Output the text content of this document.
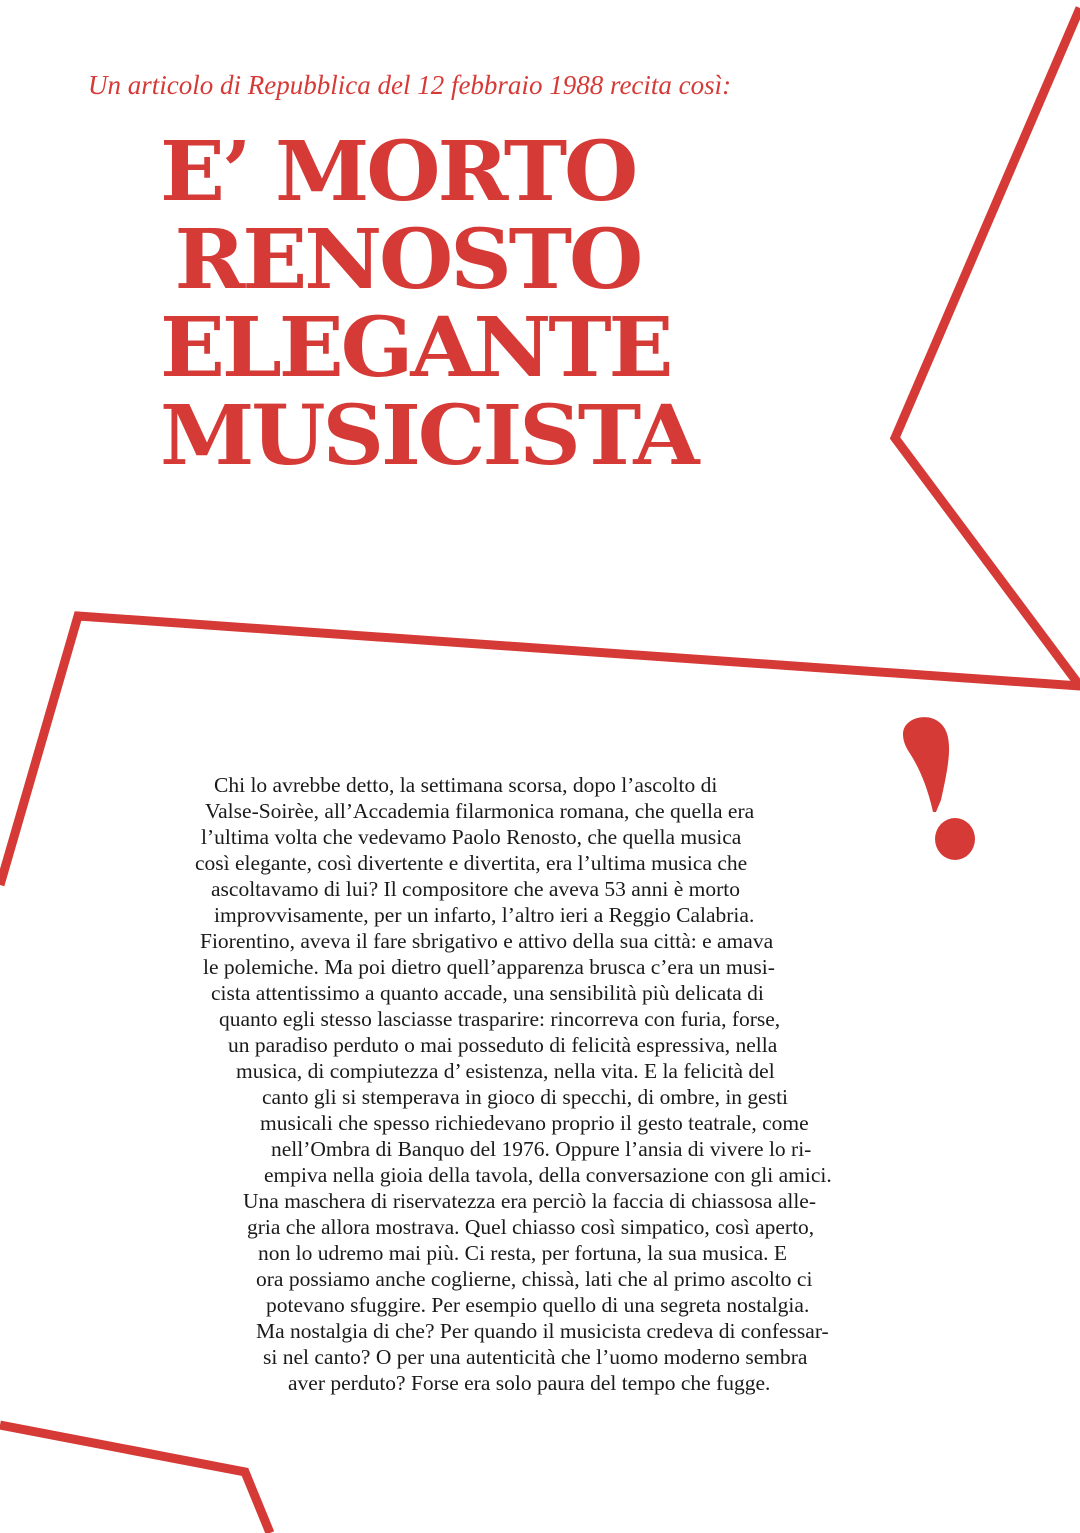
Un articolo di Repubblica del 12 febbraio 1988 recita così:
E’ MORTO
RENOSTO
ELEGANTE
MUSICISTA
Chi lo avrebbe detto, la settimana scorsa, dopo l’ascolto di
Valse-Soirèe, all’Accademia filarmonica romana, che quella era
l’ultima volta che vedevamo Paolo Renosto, che quella musica
così elegante, così divertente e divertita, era l’ultima musica che
ascoltavamo di lui? Il compositore che aveva 53 anni è morto
improvvisamente, per un infarto, l’altro ieri a Reggio Calabria.
Fiorentino, aveva il fare sbrigativo e attivo della sua città: e amava
le polemiche. Ma poi dietro quell’apparenza brusca c’era un musi-
cista attentissimo a quanto accade, una sensibilità più delicata di
quanto egli stesso lasciasse trasparire: rincorreva con furia, forse,
un paradiso perduto o mai posseduto di felicità espressiva, nella
musica, di compiutezza d’ esistenza, nella vita. E la felicità del
canto gli si stemperava in gioco di specchi, di ombre, in gesti
musicali che spesso richiedevano proprio il gesto teatrale, come
nell’Ombra di Banquo del 1976. Oppure l’ansia di vivere lo ri-
empiva nella gioia della tavola, della conversazione con gli amici.
Una maschera di riservatezza era perciò la faccia di chiassosa alle-
gria che allora mostrava. Quel chiasso così simpatico, così aperto,
non lo udremo mai più. Ci resta, per fortuna, la sua musica. E
ora possiamo anche coglierne, chissà, lati che al primo ascolto ci
potevano sfuggire. Per esempio quello di una segreta nostalgia.
Ma nostalgia di che? Per quando il musicista credeva di confessar-
si nel canto? O per una autenticità che l’uomo moderno sembra
aver perduto? Forse era solo paura del tempo che fugge.
